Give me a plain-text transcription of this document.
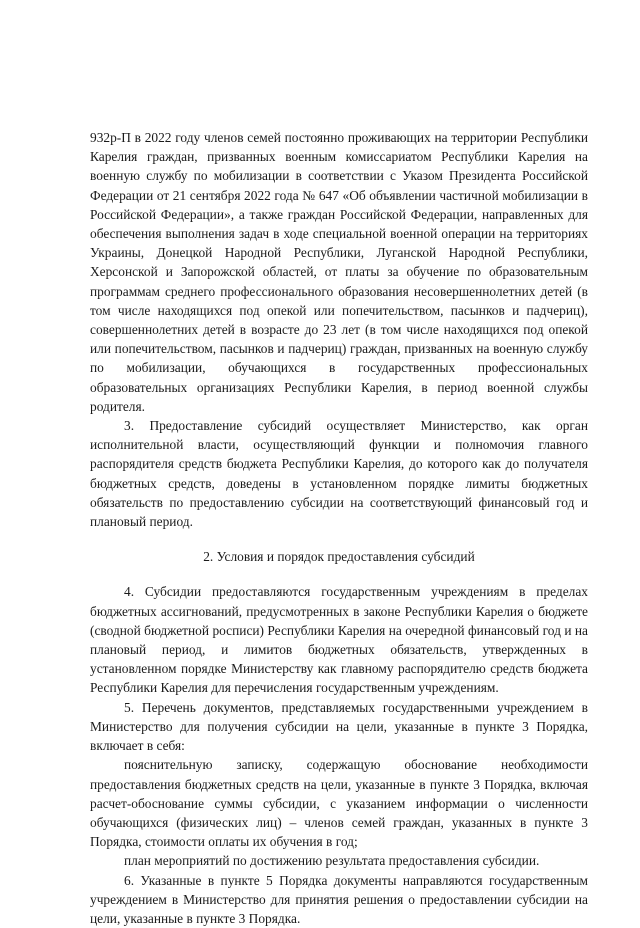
932р-П в 2022 году членов семей постоянно проживающих на территории Республики Карелия граждан, призванных военным комиссариатом Республики Карелия на военную службу по мобилизации в соответствии с Указом Президента Российской Федерации от 21 сентября 2022 года № 647 «Об объявлении частичной мобилизации в Российской Федерации», а также граждан Российской Федерации, направленных для обеспечения выполнения задач в ходе специальной военной операции на территориях Украины, Донецкой Народной Республики, Луганской Народной Республики, Херсонской и Запорожской областей, от платы за обучение по образовательным программам среднего профессионального образования несовершеннолетних детей (в том числе находящихся под опекой или попечительством, пасынков и падчериц), совершеннолетних детей в возрасте до 23 лет (в том числе находящихся под опекой или попечительством, пасынков и падчериц) граждан, призванных на военную службу по мобилизации, обучающихся в государственных профессиональных образовательных организациях Республики Карелия, в период военной службы родителя.

3. Предоставление субсидий осуществляет Министерство, как орган исполнительной власти, осуществляющий функции и полномочия главного распорядителя средств бюджета Республики Карелия, до которого как до получателя бюджетных средств, доведены в установленном порядке лимиты бюджетных обязательств по предоставлению субсидии на соответствующий финансовый год и плановый период.

2. Условия и порядок предоставления субсидий

4. Субсидии предоставляются государственным учреждениям в пределах бюджетных ассигнований, предусмотренных в законе Республики Карелия о бюджете (сводной бюджетной росписи) Республики Карелия на очередной финансовый год и на плановый период, и лимитов бюджетных обязательств, утвержденных в установленном порядке Министерству как главному распорядителю средств бюджета Республики Карелия для перечисления государственным учреждениям.

5. Перечень документов, представляемых государственными учреждением в Министерство для получения субсидии на цели, указанные в пункте 3 Порядка, включает в себя:

пояснительную записку, содержащую обоснование необходимости предоставления бюджетных средств на цели, указанные в пункте 3 Порядка, включая расчет-обоснование суммы субсидии, с указанием информации о численности обучающихся (физических лиц) – членов семей граждан, указанных в пункте 3 Порядка, стоимости оплаты их обучения в год;

план мероприятий по достижению результата предоставления субсидии.

6. Указанные в пункте 5 Порядка документы направляются государственным учреждением в Министерство для принятия решения о предоставлении субсидии на цели, указанные в пункте 3 Порядка.
